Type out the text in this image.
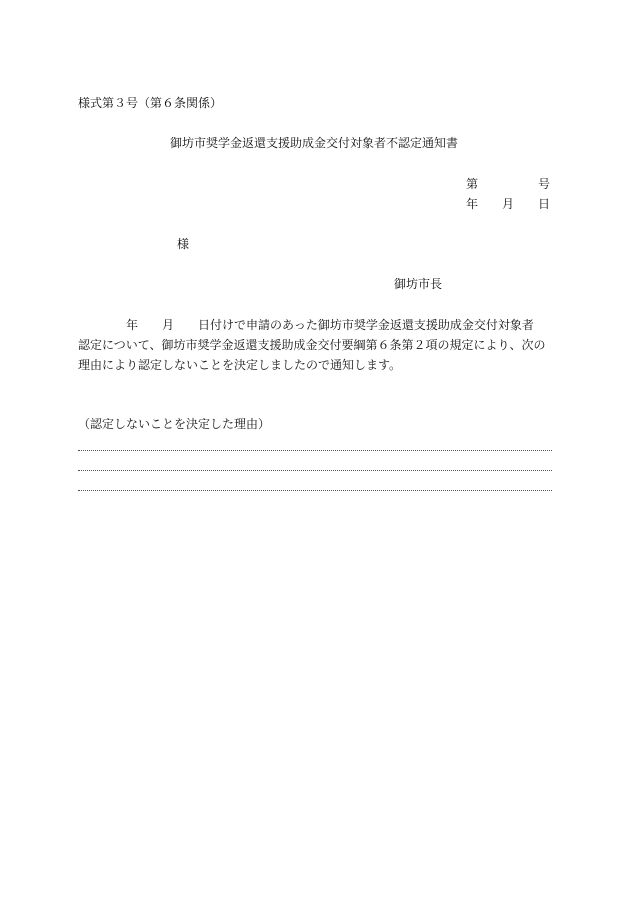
様式第３号（第６条関係）

御坊市奨学金返還支援助成金交付対象者不認定通知書

第　　　　　号

年　　月　　日

様

御坊市長

　　　　年　　月　　日付けで申請のあった御坊市奨学金返還支援助成金交付対象者

認定について、御坊市奨学金返還支援助成金交付要綱第６条第２項の規定により、次の

理由により認定しないことを決定しましたので通知します。

（認定しないことを決定した理由）
